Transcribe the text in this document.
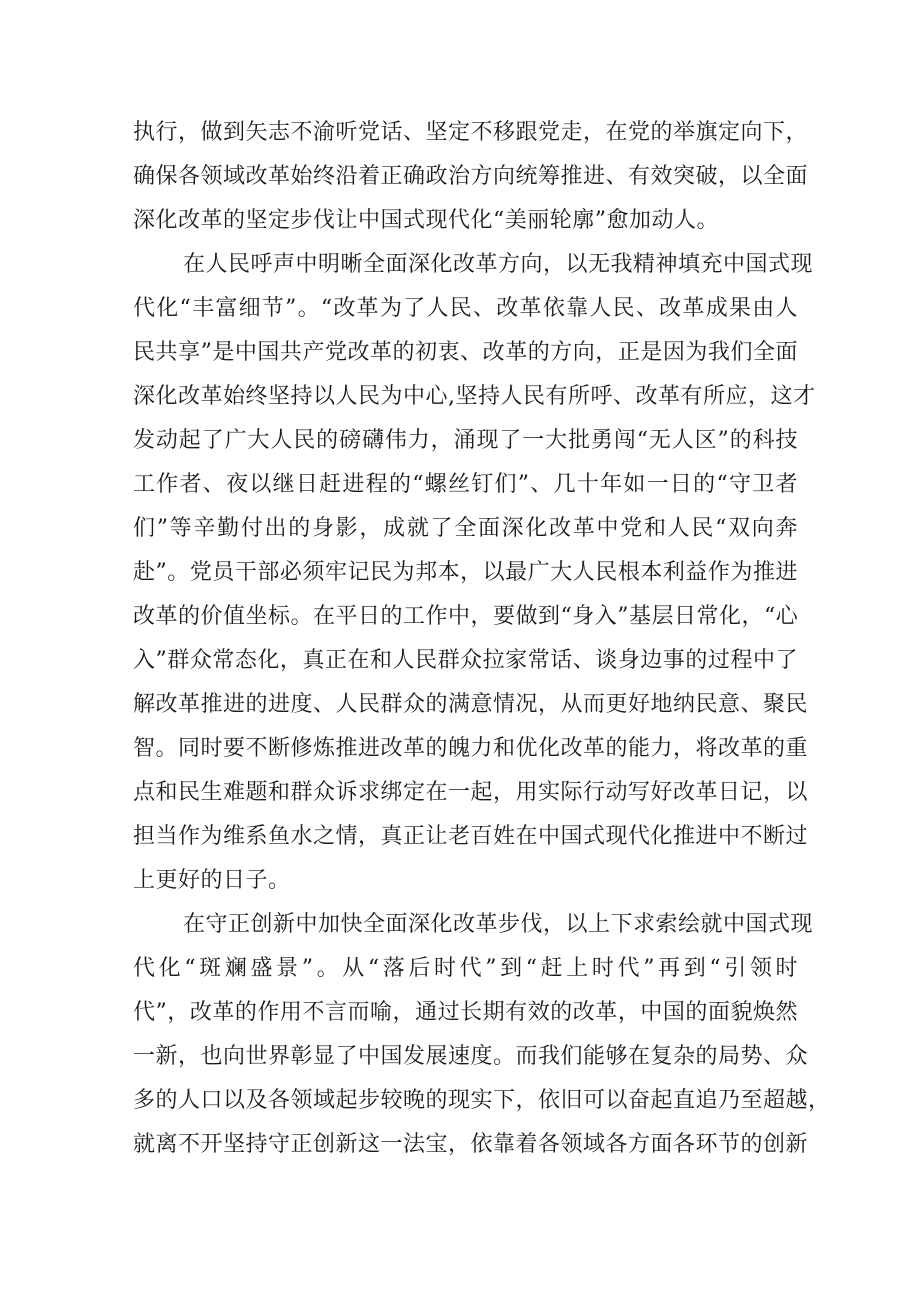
执行，做到矢志不渝听党话、坚定不移跟党走，在党的举旗定向下，
确保各领域改革始终沿着正确政治方向统筹推进、有效突破，以全面
深化改革的坚定步伐让中国式现代化“美丽轮廓”愈加动人。
在人民呼声中明晰全面深化改革方向，以无我精神填充中国式现
代化“丰富细节”。“改革为了人民、改革依靠人民、改革成果由人
民共享”是中国共产党改革的初衷、改革的方向，正是因为我们全面
深化改革始终坚持以人民为中心,坚持人民有所呼、改革有所应，这才
发动起了广大人民的磅礴伟力，涌现了一大批勇闯“无人区”的科技
工作者、夜以继日赶进程的“螺丝钉们”、几十年如一日的“守卫者
们”等辛勤付出的身影，成就了全面深化改革中党和人民“双向奔
赴”。党员干部必须牢记民为邦本，以最广大人民根本利益作为推进
改革的价值坐标。在平日的工作中，要做到“身入”基层日常化，“心
入”群众常态化，真正在和人民群众拉家常话、谈身边事的过程中了
解改革推进的进度、人民群众的满意情况，从而更好地纳民意、聚民
智。同时要不断修炼推进改革的魄力和优化改革的能力，将改革的重
点和民生难题和群众诉求绑定在一起，用实际行动写好改革日记，以
担当作为维系鱼水之情，真正让老百姓在中国式现代化推进中不断过
上更好的日子。
在守正创新中加快全面深化改革步伐，以上下求索绘就中国式现
代化“斑斓盛景”。从“落后时代”到“赶上时代”再到“引领时
代”，改革的作用不言而喻，通过长期有效的改革，中国的面貌焕然
一新，也向世界彰显了中国发展速度。而我们能够在复杂的局势、众
多的人口以及各领域起步较晚的现实下，依旧可以奋起直追乃至超越，
就离不开坚持守正创新这一法宝，依靠着各领域各方面各环节的创新
